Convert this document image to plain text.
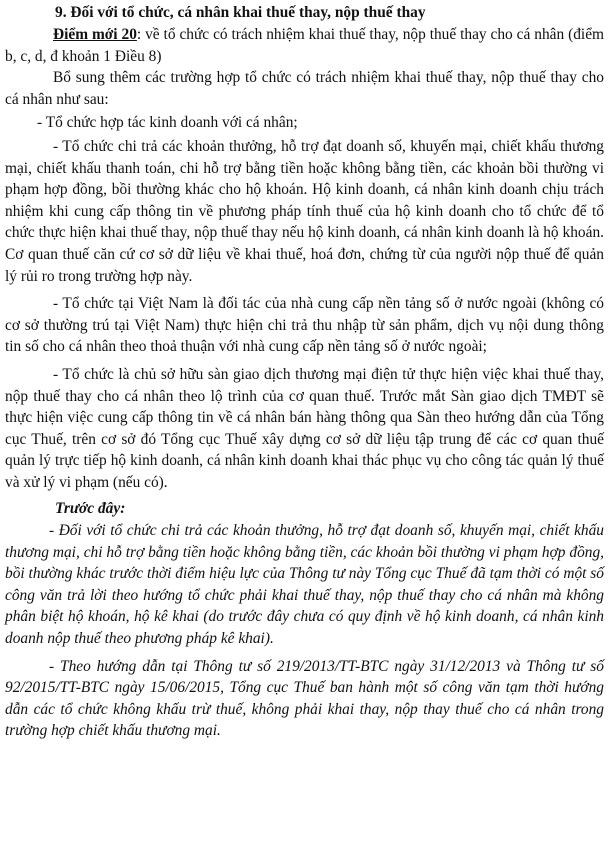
9. Đối với tổ chức, cá nhân khai thuế thay, nộp thuế thay

Điểm mới 20: về tổ chức có trách nhiệm khai thuế thay, nộp thuế thay cho cá nhân (điểm b, c, d, đ khoản 1 Điều 8)

Bổ sung thêm các trường hợp tổ chức có trách nhiệm khai thuế thay, nộp thuế thay cho cá nhân như sau:

- Tổ chức hợp tác kinh doanh với cá nhân;

- Tổ chức chi trả các khoản thưởng, hỗ trợ đạt doanh số, khuyến mại, chiết khấu thương mại, chiết khấu thanh toán, chi hỗ trợ bằng tiền hoặc không bằng tiền, các khoản bồi thường vi phạm hợp đồng, bồi thường khác cho hộ khoán. Hộ kinh doanh, cá nhân kinh doanh chịu trách nhiệm khi cung cấp thông tin về phương pháp tính thuế của hộ kinh doanh cho tổ chức để tổ chức thực hiện khai thuế thay, nộp thuế thay nếu hộ kinh doanh, cá nhân kinh doanh là hộ khoán. Cơ quan thuế căn cứ cơ sở dữ liệu về khai thuế, hoá đơn, chứng từ của người nộp thuế để quản lý rủi ro trong trường hợp này.

- Tổ chức tại Việt Nam là đối tác của nhà cung cấp nền tảng số ở nước ngoài (không có cơ sở thường trú tại Việt Nam) thực hiện chi trả thu nhập từ sản phẩm, dịch vụ nội dung thông tin số cho cá nhân theo thoả thuận với nhà cung cấp nền tảng số ở nước ngoài;

- Tổ chức là chủ sở hữu sàn giao dịch thương mại điện tử thực hiện việc khai thuế thay, nộp thuế thay cho cá nhân theo lộ trình của cơ quan thuế. Trước mắt Sàn giao dịch TMĐT sẽ thực hiện việc cung cấp thông tin về cá nhân bán hàng thông qua Sàn theo hướng dẫn của Tổng cục Thuế, trên cơ sở đó Tổng cục Thuế xây dựng cơ sở dữ liệu tập trung để các cơ quan thuế quản lý trực tiếp hộ kinh doanh, cá nhân kinh doanh khai thác phục vụ cho công tác quản lý thuế và xử lý vi phạm (nếu có).

Trước đây:

- Đối với tổ chức chi trả các khoản thưởng, hỗ trợ đạt doanh số, khuyến mại, chiết khấu thương mại, chi hỗ trợ bằng tiền hoặc không bằng tiền, các khoản bồi thường vi phạm hợp đồng, bồi thường khác trước thời điểm hiệu lực của Thông tư này Tổng cục Thuế đã tạm thời có một số công văn trả lời theo hướng tổ chức phải khai thuế thay, nộp thuế thay cho cá nhân mà không phân biệt hộ khoán, hộ kê khai (do trước đây chưa có quy định về hộ kinh doanh, cá nhân kinh doanh nộp thuế theo phương pháp kê khai).

- Theo hướng dẫn tại Thông tư số 219/2013/TT-BTC ngày 31/12/2013 và Thông tư số 92/2015/TT-BTC ngày 15/06/2015, Tổng cục Thuế ban hành một số công văn tạm thời hướng dẫn các tổ chức không khấu trừ thuế, không phải khai thay, nộp thay thuế cho cá nhân trong trường hợp chiết khấu thương mại.
